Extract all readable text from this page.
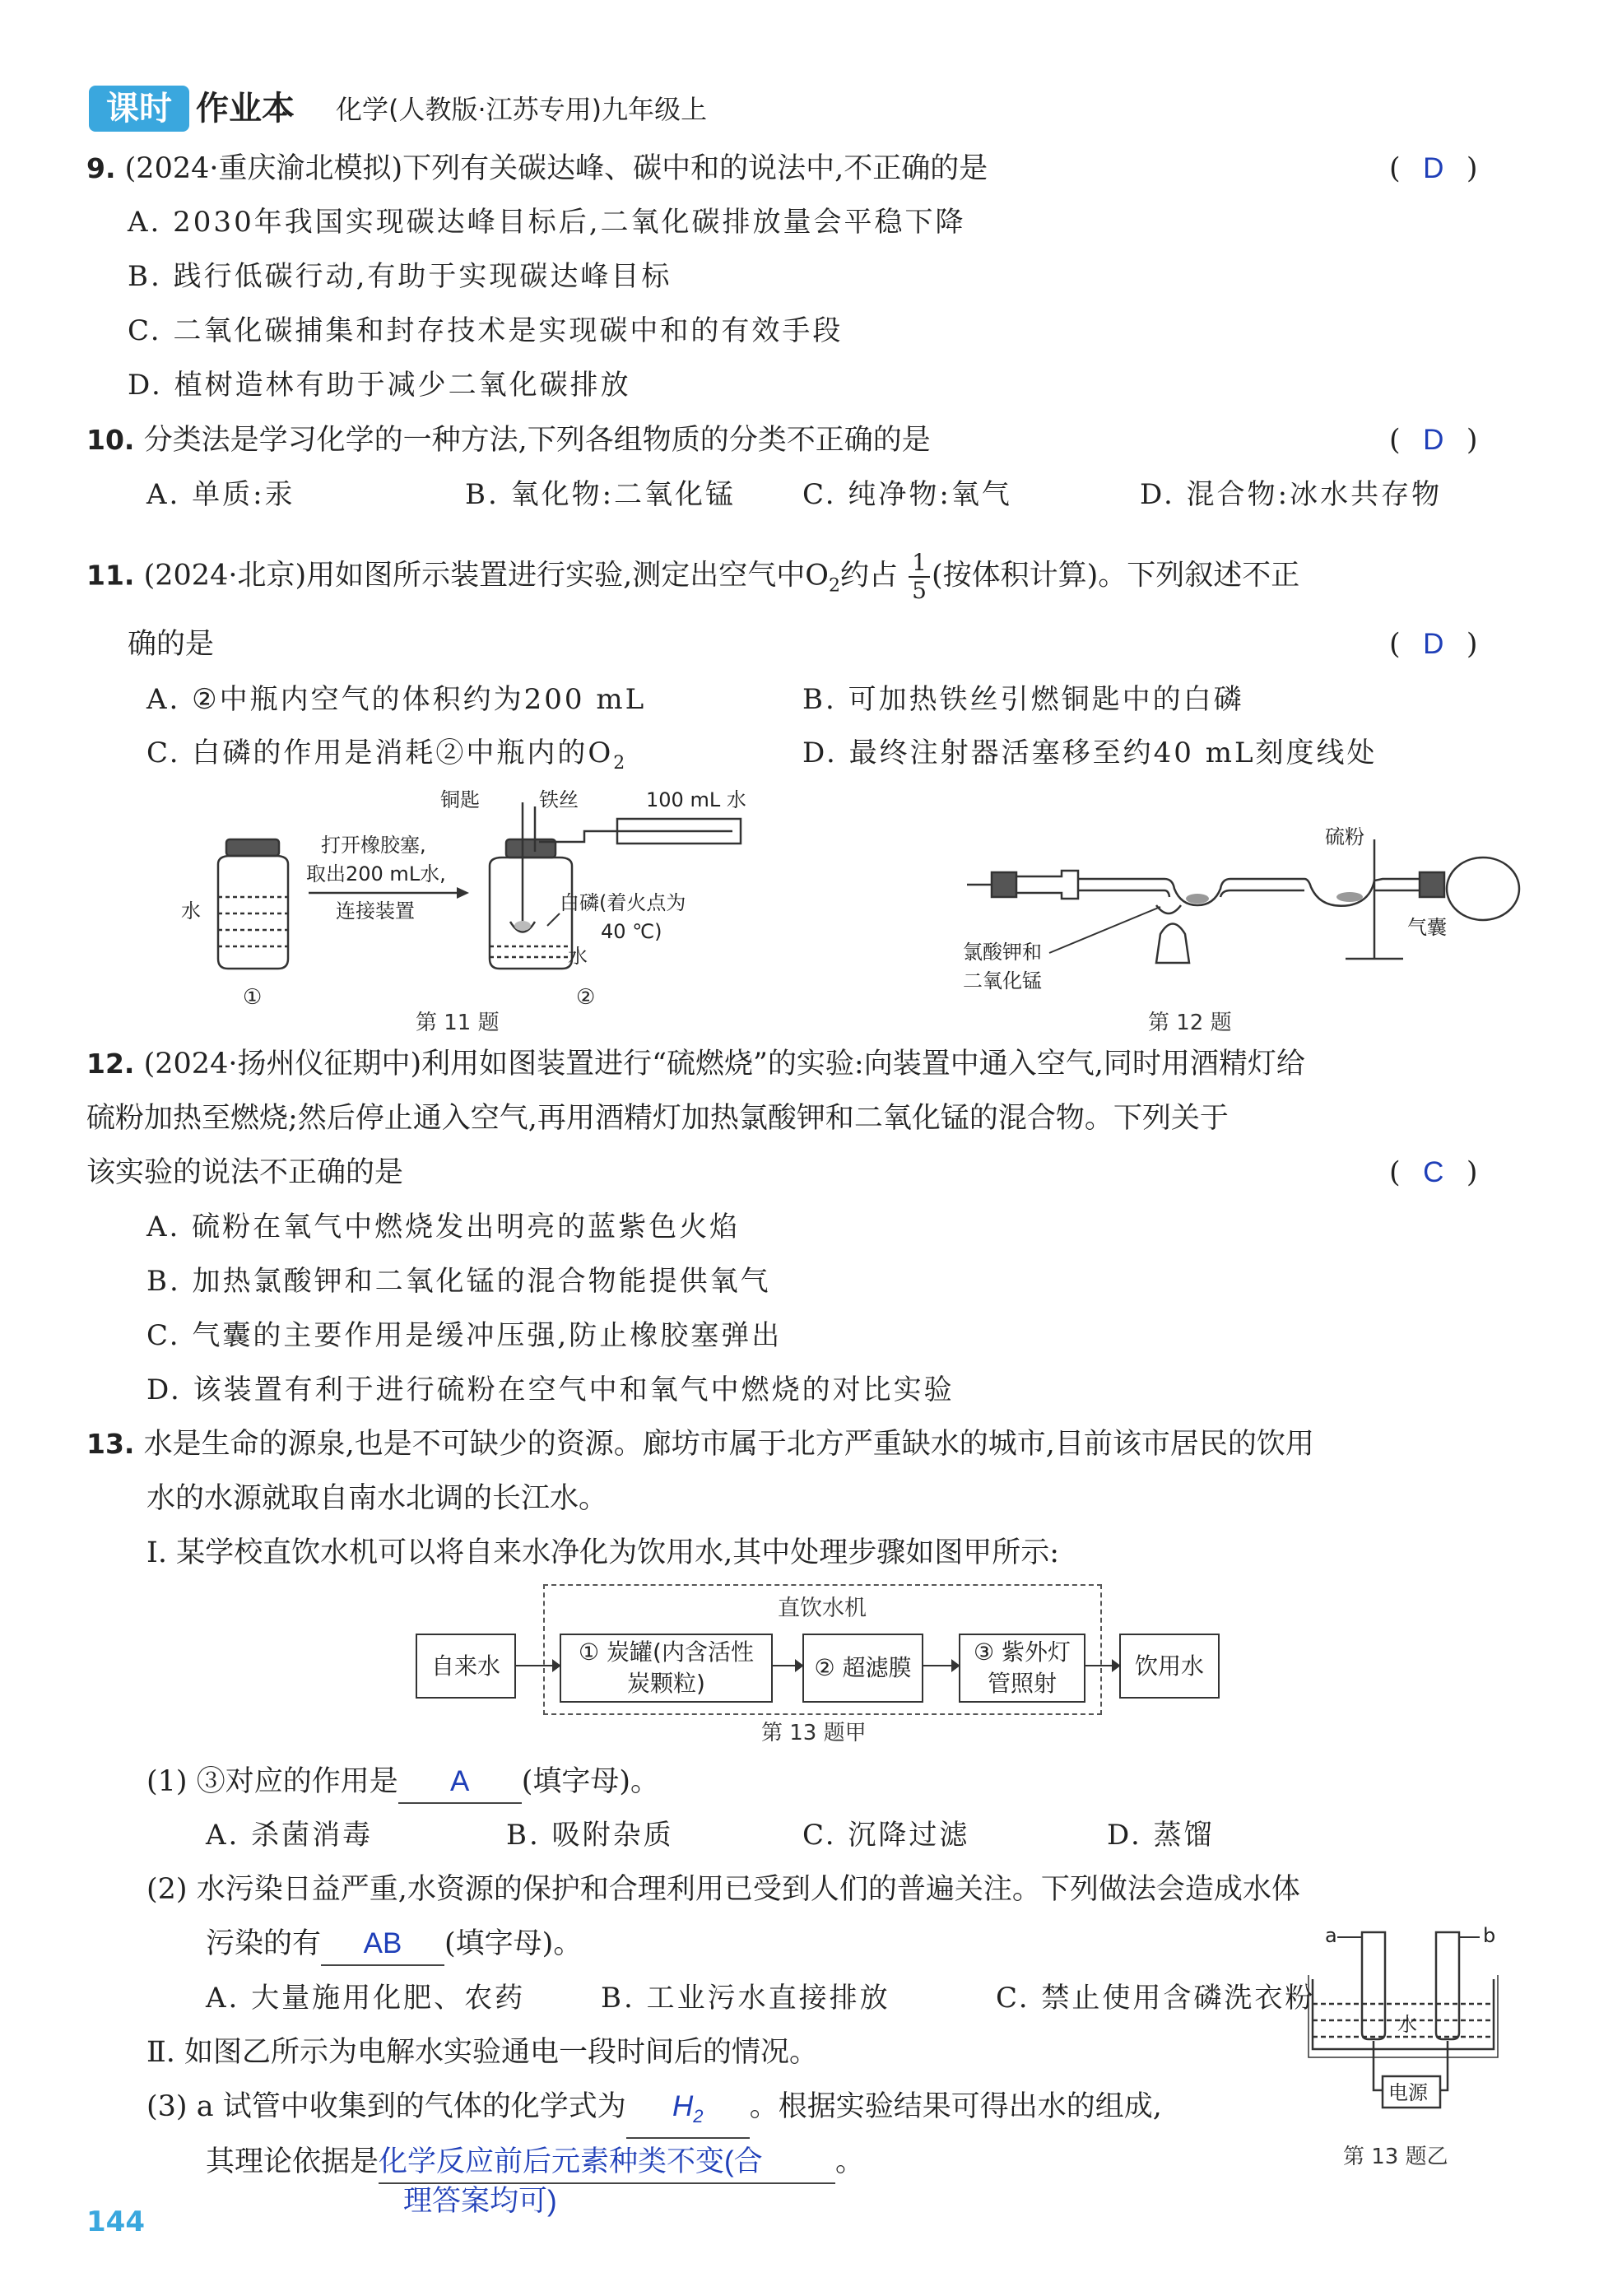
课时 作业本 化学(人教版·江苏专用)九年级上
9. (2024·重庆渝北模拟)下列有关碳达峰、碳中和的说法中,不正确的是	( D )
A. 2030年我国实现碳达峰目标后,二氧化碳排放量会平稳下降
B. 践行低碳行动,有助于实现碳达峰目标
C. 二氧化碳捕集和封存技术是实现碳中和的有效手段
D. 植树造林有助于减少二氧化碳排放
10. 分类法是学习化学的一种方法,下列各组物质的分类不正确的是	( D )
A. 单质:汞	B. 氧化物:二氧化锰 C. 纯净物:氧气	D. 混合物:冰水共存物
11. (2024·北京)用如图所示装置进行实验,测定出空气中$O_2$约占 $\frac{1}{5}$ (按体积计算)。下列叙述不正
确的是	( D )
A. ②中瓶内空气的体积约为200 mL	B. 可加热铁丝引燃铜匙中的白磷
C. 白磷的作用是消耗②中瓶内的$O_2$	D. 最终注射器活塞移至约40 mL刻度线处
水
①
打开橡胶塞,
取出200 mL水,
连接装置
铜匙	铁丝	100 mL 水
白磷(着火点为
40 ℃)
水
②
第 11 题
硫粉
氯酸钾和
二氧化锰
气囊
第 12 题
12. (2024·扬州仪征期中)利用如图装置进行“硫燃烧”的实验:向装置中通入空气,同时用酒精灯给
硫粉加热至燃烧;然后停止通入空气,再用酒精灯加热氯酸钾和二氧化锰的混合物。下列关于
该实验的说法不正确的是	( C )
A. 硫粉在氧气中燃烧发出明亮的蓝紫色火焰
B. 加热氯酸钾和二氧化锰的混合物能提供氧气
C. 气囊的主要作用是缓冲压强,防止橡胶塞弹出
D. 该装置有利于进行硫粉在空气中和氧气中燃烧的对比实验
13. 水是生命的源泉,也是不可缺少的资源。廊坊市属于北方严重缺水的城市,目前该市居民的饮用
水的水源就取自南水北调的长江水。
Ⅰ. 某学校直饮水机可以将自来水净化为饮用水,其中处理步骤如图甲所示:
直饮水机
自来水	① 炭罐(内含活性
炭颗粒)
② 超滤膜
③ 紫外灯
管照射
饮用水
第 13 题甲
(1) ③对应的作用是 A (填字母)。
A. 杀菌消毒	B. 吸附杂质	C. 沉降过滤	D. 蒸馏
(2) 水污染日益严重,水资源的保护和合理利用已受到人们的普遍关注。下列做法会造成水体
污染的有 AB (填字母)。
A. 大量施用化肥、农药	B. 工业污水直接排放	C. 禁止使用含磷洗衣粉
Ⅱ. 如图乙所示为电解水实验通电一段时间后的情况。
(3) a 试管中收集到的气体的化学式为 $H_2$ 。根据实验结果可得出水的组成,
其理论依据是化学反应前后元素种类不变(合	。
理答案均可)
电源
a	b
水
第 13 题乙
144
